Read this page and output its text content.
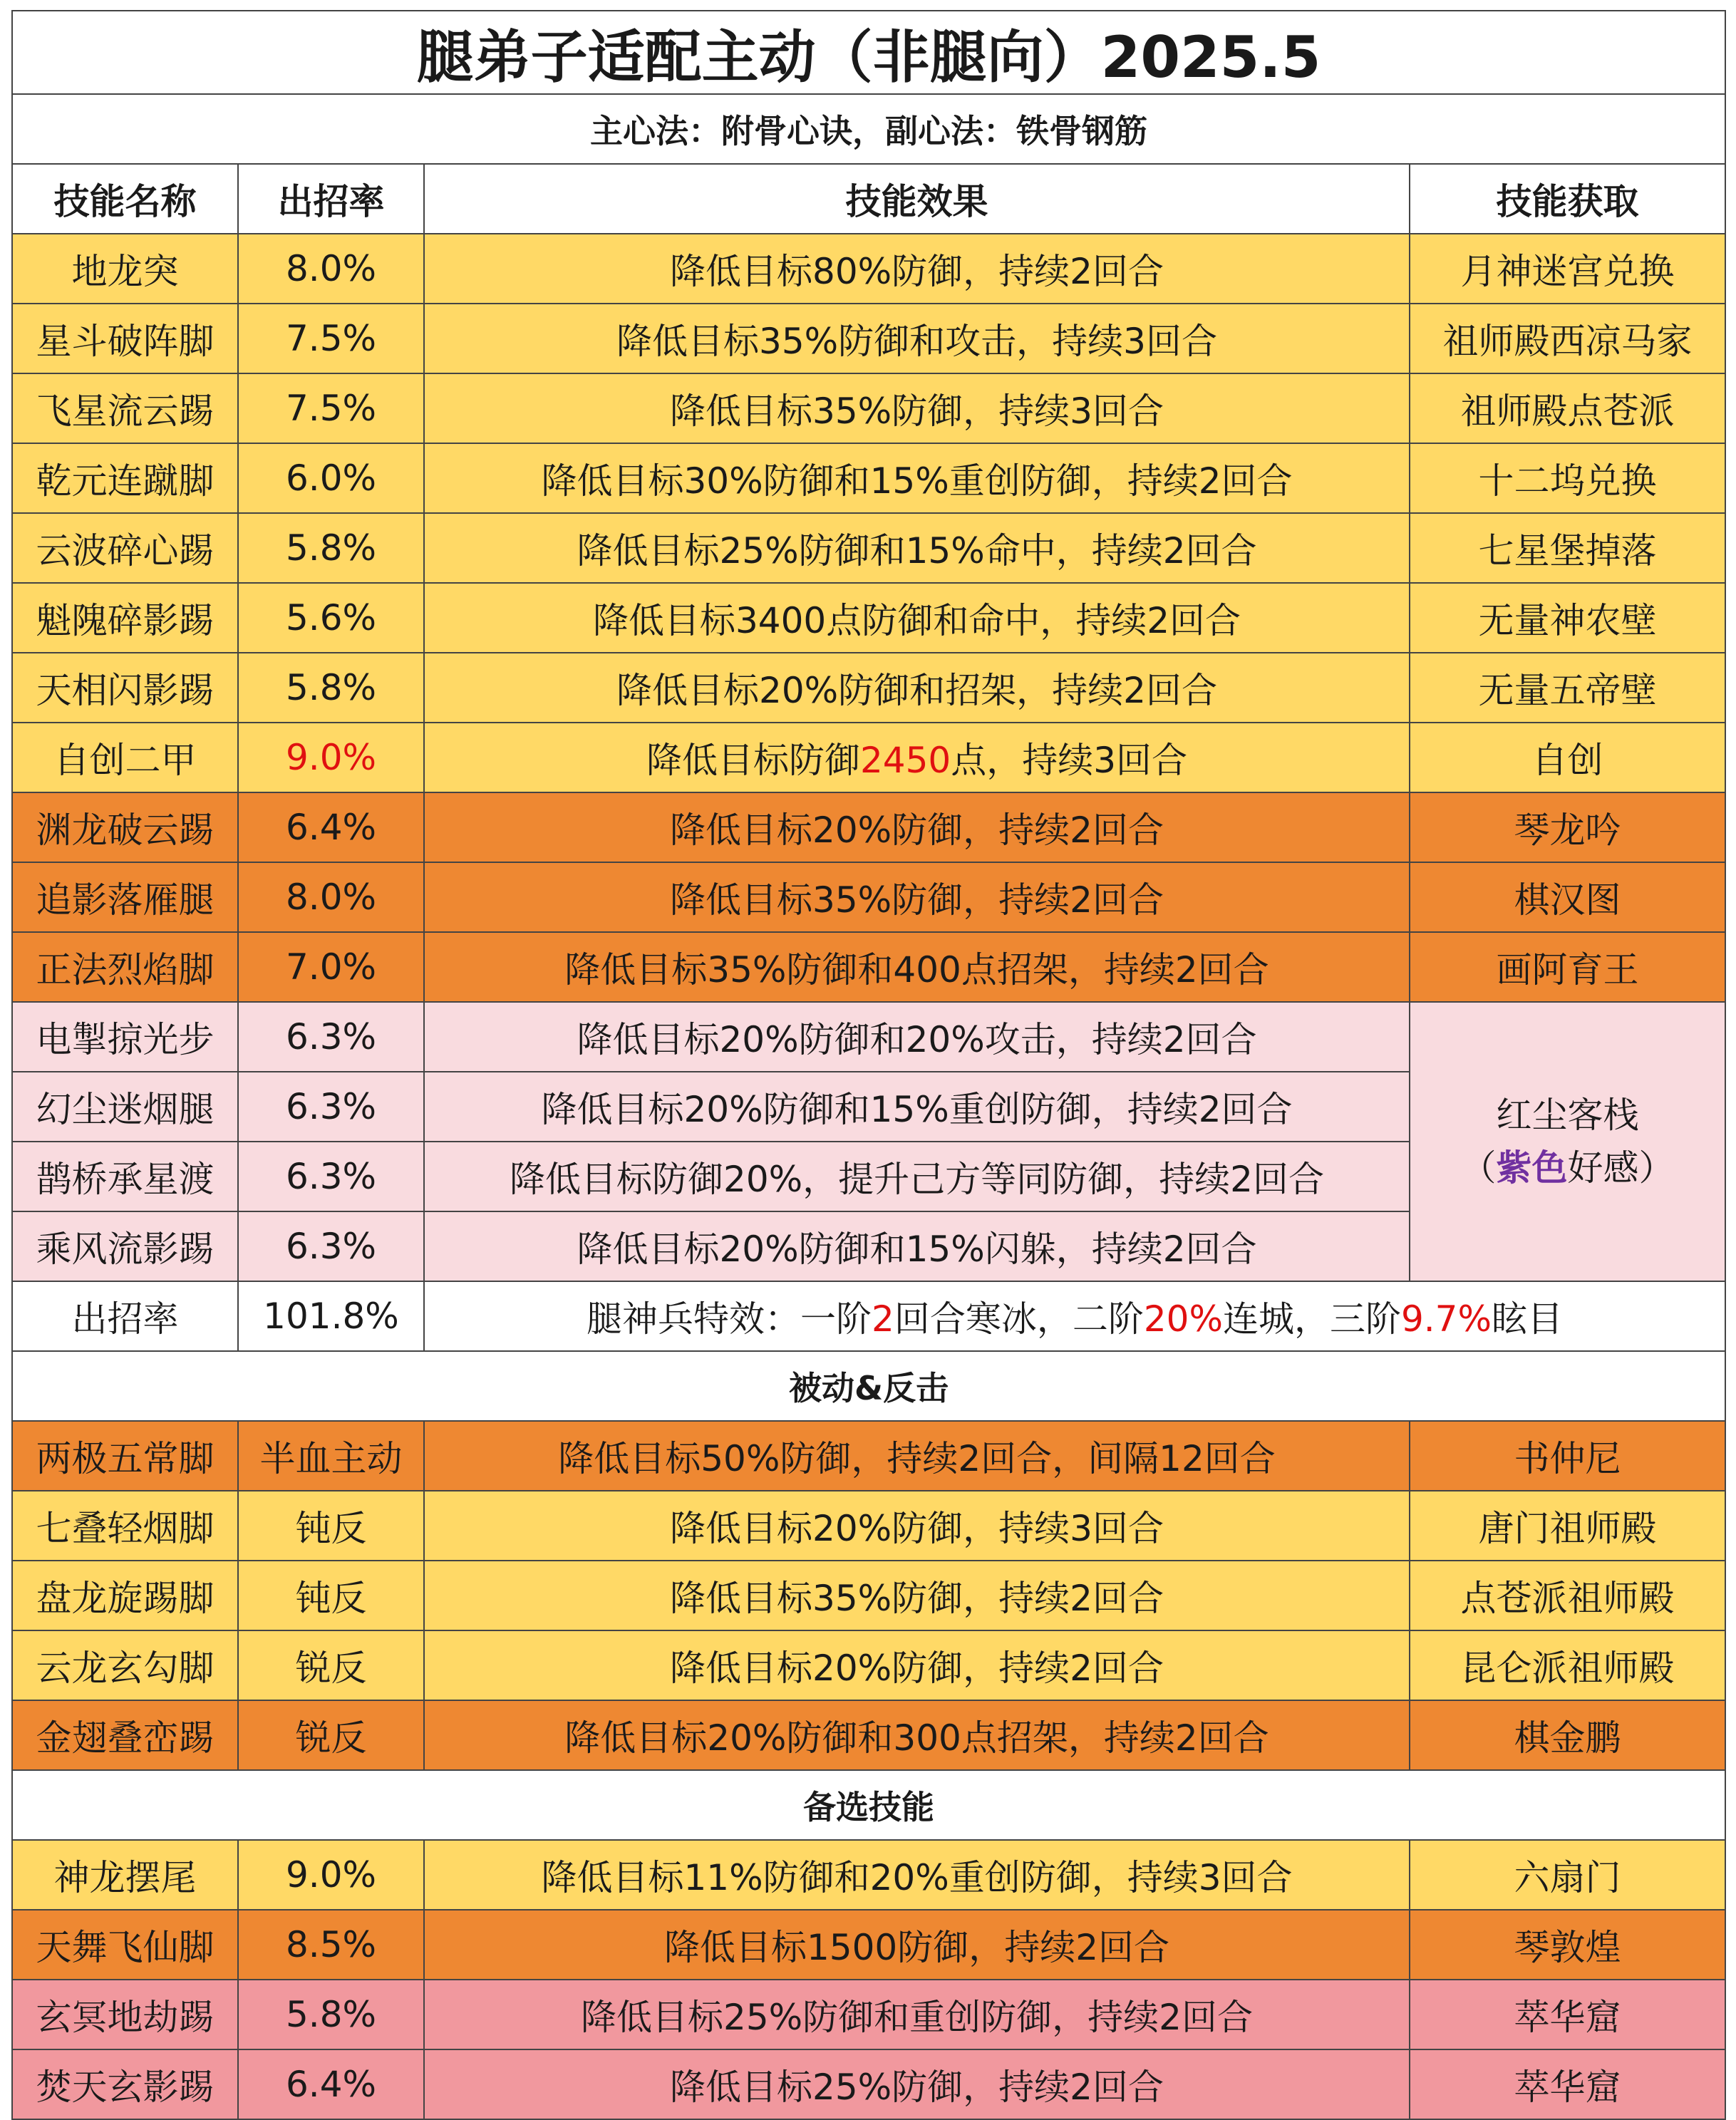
腿弟子适配主动（非腿向）2025.5			
主心法：附骨心诀，副心法：铁骨钢筋			
技能名称	出招率	技能效果	技能获取
地龙突	8.0%	降低目标80%防御，持续2回合	月神迷宫兑换
星斗破阵脚	7.5%	降低目标35%防御和攻击，持续3回合	祖师殿西凉马家
飞星流云踢	7.5%	降低目标35%防御，持续3回合	祖师殿点苍派
乾元连蹴脚	6.0%	降低目标30%防御和15%重创防御，持续2回合	十二坞兑换
云波碎心踢	5.8%	降低目标25%防御和15%命中，持续2回合	七星堡掉落
魁隗碎影踢	5.6%	降低目标3400点防御和命中，持续2回合	无量神农壁
天相闪影踢	5.8%	降低目标20%防御和招架，持续2回合	无量五帝壁
自创二甲	9.0%	降低目标防御2450点，持续3回合	自创
渊龙破云踢	6.4%	降低目标20%防御，持续2回合	琴龙吟
追影落雁腿	8.0%	降低目标35%防御，持续2回合	棋汉图
正法烈焰脚	7.0%	降低目标35%防御和400点招架，持续2回合	画阿育王
电掣掠光步	6.3%	降低目标20%防御和20%攻击，持续2回合	红尘客栈
（紫色好感）
幻尘迷烟腿	6.3%	降低目标20%防御和15%重创防御，持续2回合	
鹊桥承星渡	6.3%	降低目标防御20%，提升己方等同防御，持续2回合	
乘风流影踢	6.3%	降低目标20%防御和15%闪躲，持续2回合	
出招率	101.8%	腿神兵特效：一阶2回合寒冰，二阶20%连城，三阶9.7%眩目	
被动&反击			
两极五常脚	半血主动	降低目标50%防御，持续2回合，间隔12回合	书仲尼
七叠轻烟脚	钝反	降低目标20%防御，持续3回合	唐门祖师殿
盘龙旋踢脚	钝反	降低目标35%防御，持续2回合	点苍派祖师殿
云龙玄勾脚	锐反	降低目标20%防御，持续2回合	昆仑派祖师殿
金翅叠峦踢	锐反	降低目标20%防御和300点招架，持续2回合	棋金鹏
备选技能			
神龙摆尾	9.0%	降低目标11%防御和20%重创防御，持续3回合	六扇门
天舞飞仙脚	8.5%	降低目标1500防御，持续2回合	琴敦煌
玄冥地劫踢	5.8%	降低目标25%防御和重创防御，持续2回合	萃华窟
焚天玄影踢	6.4%	降低目标25%防御，持续2回合	萃华窟
